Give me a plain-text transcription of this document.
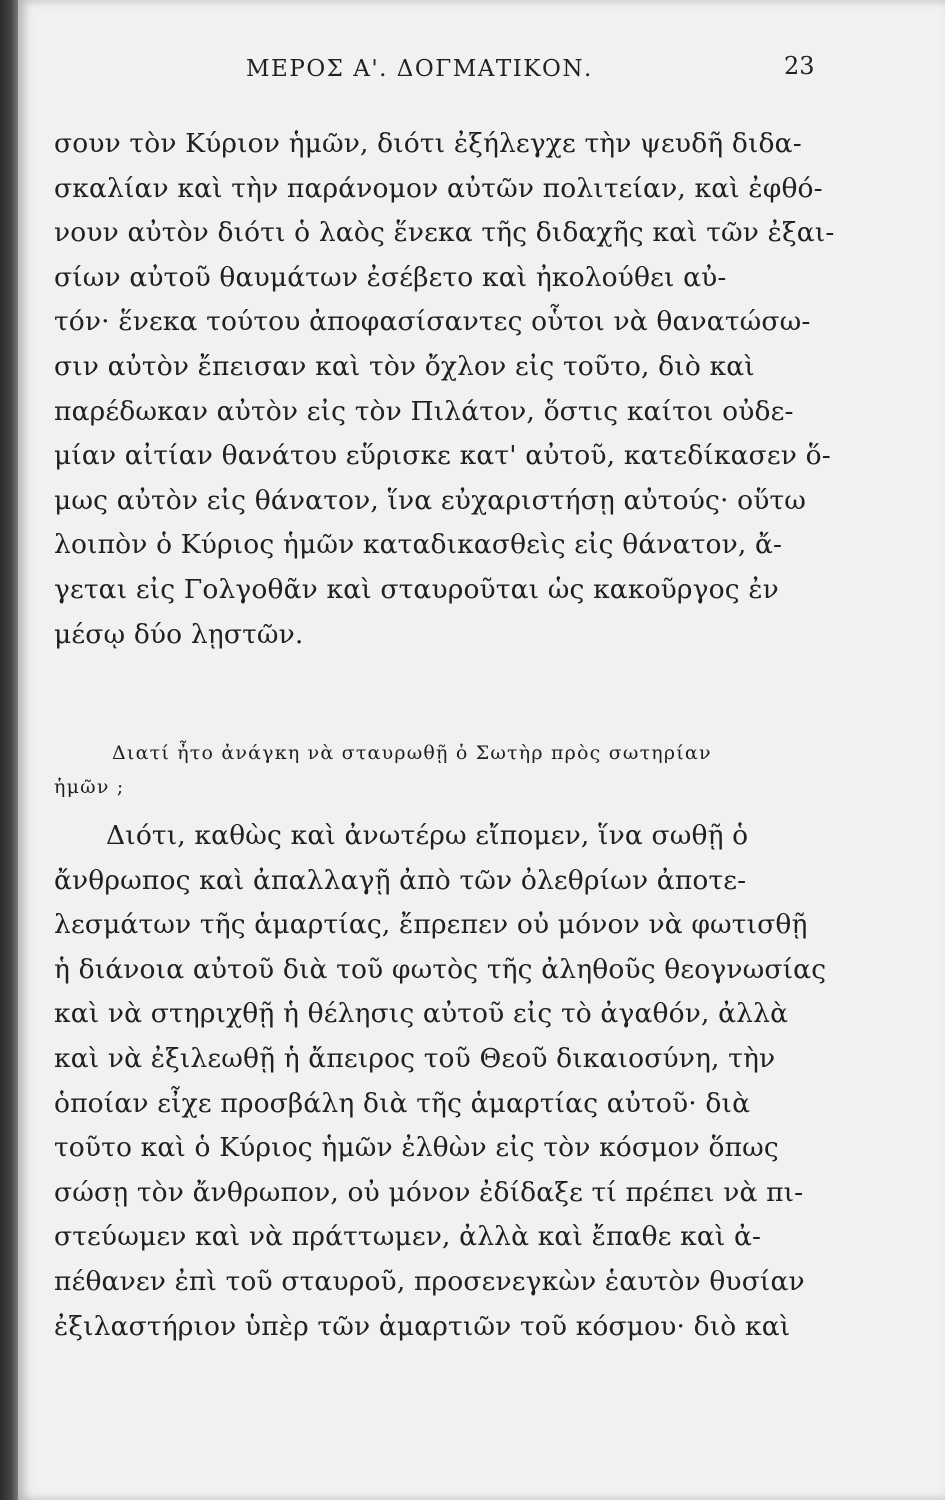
ΜΕΡΟΣ Α'. ΔΟΓΜΑΤΙΚΟΝ.	23
σουν τὸν Κύριον ἡμῶν, διότι ἐξήλεγχε τὴν ψευδῆ διδα-
σκαλίαν καὶ τὴν παράνομον αὐτῶν πολιτείαν, καὶ ἐφθό-
νουν αὐτὸν διότι ὁ λαὸς ἕνεκα τῆς διδαχῆς καὶ τῶν ἐξαι-
σίων αὐτοῦ θαυμάτων ἐσέβετο καὶ ἠκολούθει αὐ-
τόν· ἕνεκα τούτου ἀποφασίσαντες οὗτοι νὰ θανατώσω-
σιν αὐτὸν ἔπεισαν καὶ τὸν ὄχλον εἰς τοῦτο, διὸ καὶ
παρέδωκαν αὐτὸν εἰς τὸν Πιλάτον, ὅστις καίτοι οὐδε-
μίαν αἰτίαν θανάτου εὕρισκε κατ' αὐτοῦ, κατεδίκασεν ὅ-
μως αὐτὸν εἰς θάνατον, ἵνα εὐχαριστήσῃ αὐτούς· οὕτω
λοιπὸν ὁ Κύριος ἡμῶν καταδικασθεὶς εἰς θάνατον, ἄ-
γεται εἰς Γολγοθᾶν καὶ σταυροῦται ὡς κακοῦργος ἐν
μέσῳ δύο λῃστῶν.
Διατί ἦτο ἀνάγκη νὰ σταυρωθῇ ὁ Σωτὴρ πρὸς σωτηρίαν
ἡμῶν ;
Διότι, καθὼς καὶ ἀνωτέρω εἴπομεν, ἵνα σωθῇ ὁ
ἄνθρωπος καὶ ἀπαλλαγῇ ἀπὸ τῶν ὀλεθρίων ἀποτε-
λεσμάτων τῆς ἁμαρτίας, ἔπρεπεν οὐ μόνον νὰ φωτισθῇ
ἡ διάνοια αὐτοῦ διὰ τοῦ φωτὸς τῆς ἀληθοῦς θεογνωσίας
καὶ νὰ στηριχθῇ ἡ θέλησις αὐτοῦ εἰς τὸ ἀγαθόν, ἀλλὰ
καὶ νὰ ἐξιλεωθῇ ἡ ἄπειρος τοῦ Θεοῦ δικαιοσύνη, τὴν
ὁποίαν εἶχε προσβάλη διὰ τῆς ἁμαρτίας αὐτοῦ· διὰ
τοῦτο καὶ ὁ Κύριος ἡμῶν ἐλθὼν εἰς τὸν κόσμον ὅπως
σώσῃ τὸν ἄνθρωπον, οὐ μόνον ἐδίδαξε τί πρέπει νὰ πι-
στεύωμεν καὶ νὰ πράττωμεν, ἀλλὰ καὶ ἔπαθε καὶ ἀ-
πέθανεν ἐπὶ τοῦ σταυροῦ, προσενεγκὼν ἑαυτὸν θυσίαν
ἐξιλαστήριον ὑπὲρ τῶν ἁμαρτιῶν τοῦ κόσμου· διὸ καὶ
